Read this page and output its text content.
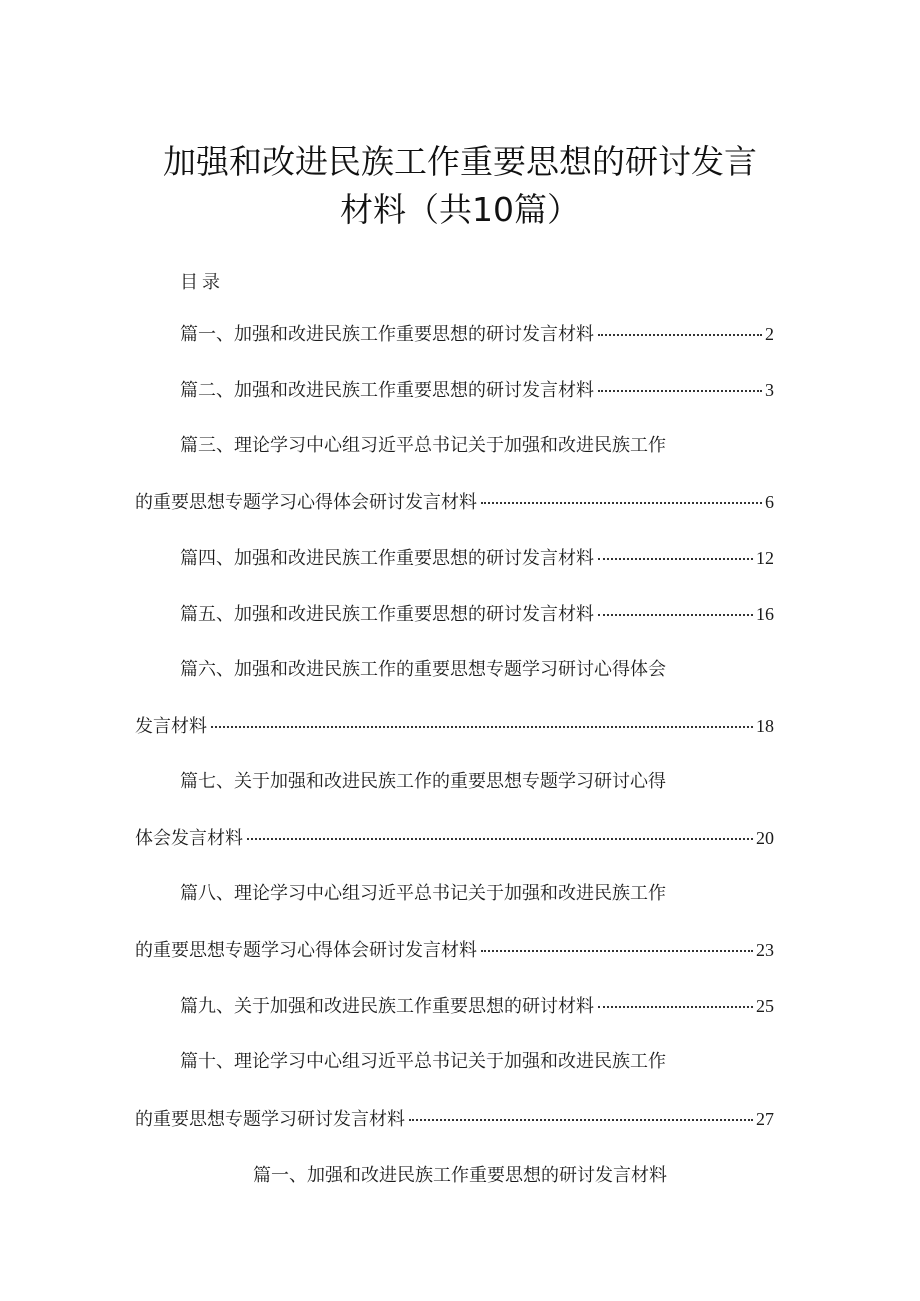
加强和改进民族工作重要思想的研讨发言
材料（共10篇）
目录
篇一、加强和改进民族工作重要思想的研讨发言材料	2
篇二、加强和改进民族工作重要思想的研讨发言材料	3
篇三、理论学习中心组习近平总书记关于加强和改进民族工作
的重要思想专题学习心得体会研讨发言材料	6
篇四、加强和改进民族工作重要思想的研讨发言材料	12
篇五、加强和改进民族工作重要思想的研讨发言材料	16
篇六、加强和改进民族工作的重要思想专题学习研讨心得体会
发言材料	18
篇七、关于加强和改进民族工作的重要思想专题学习研讨心得
体会发言材料	20
篇八、理论学习中心组习近平总书记关于加强和改进民族工作
的重要思想专题学习心得体会研讨发言材料	23
篇九、关于加强和改进民族工作重要思想的研讨材料	25
篇十、理论学习中心组习近平总书记关于加强和改进民族工作
的重要思想专题学习研讨发言材料	27
篇一、加强和改进民族工作重要思想的研讨发言材料
